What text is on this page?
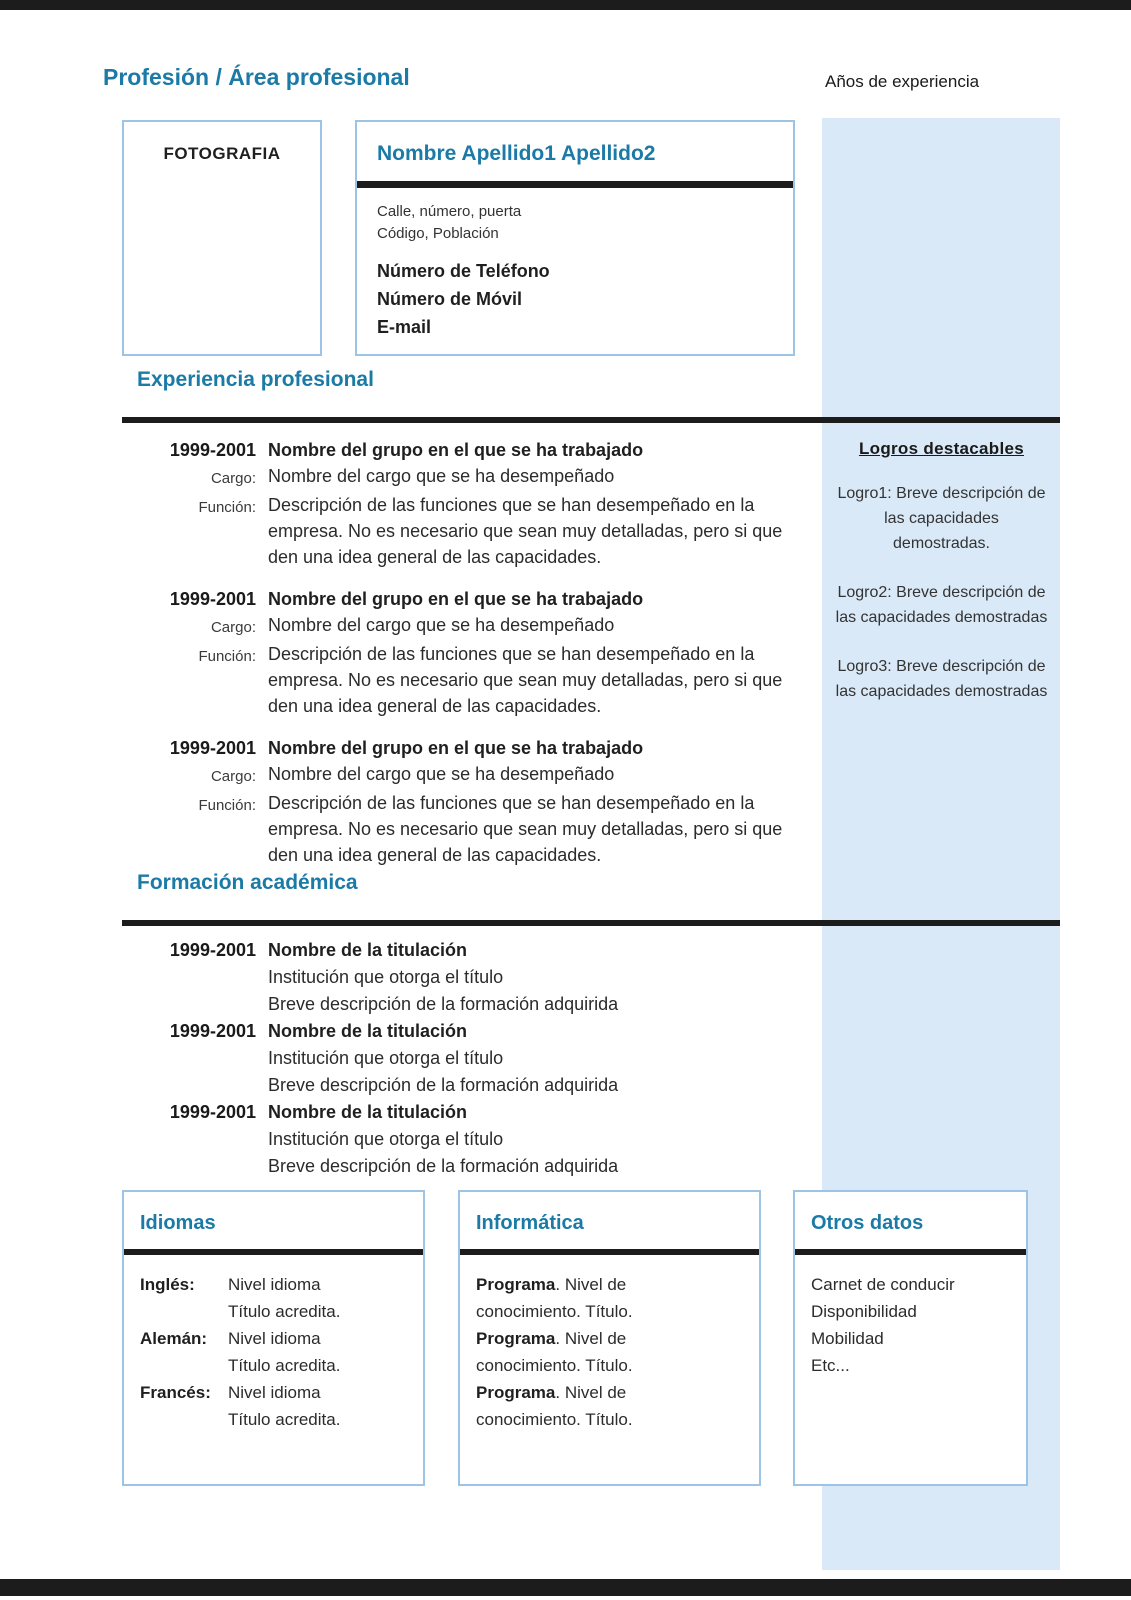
Profesión / Área profesional	Años de experiencia
FOTOGRAFIA	Nombre Apellido1 Apellido2
Calle, número, puerta
Código, Población
Número de Teléfono
Número de Móvil
E-mail
Experiencia profesional
1999-2001 Nombre del grupo en el que se ha trabajado
Cargo: Nombre del cargo que se ha desempeñado
Función: Descripción de las funciones que se han desempeñado en la empresa. No es necesario que sean muy detalladas, pero si que den una idea general de las capacidades.
1999-2001 Nombre del grupo en el que se ha trabajado
Cargo: Nombre del cargo que se ha desempeñado
Función: Descripción de las funciones que se han desempeñado en la empresa. No es necesario que sean muy detalladas, pero si que den una idea general de las capacidades.
1999-2001 Nombre del grupo en el que se ha trabajado
Cargo: Nombre del cargo que se ha desempeñado
Función: Descripción de las funciones que se han desempeñado en la empresa. No es necesario que sean muy detalladas, pero si que den una idea general de las capacidades.
Logros destacables
Logro1: Breve descripción de las capacidades demostradas.
Logro2: Breve descripción de las capacidades demostradas
Logro3: Breve descripción de las capacidades demostradas
Formación académica
1999-2001 Nombre de la titulación
Institución que otorga el título
Breve descripción de la formación adquirida
1999-2001 Nombre de la titulación
Institución que otorga el título
Breve descripción de la formación adquirida
1999-2001 Nombre de la titulación
Institución que otorga el título
Breve descripción de la formación adquirida
Idiomas
Inglés:	Nivel idioma
Título acredita.
Alemán:	Nivel idioma
Título acredita.
Francés:	Nivel idioma
Título acredita.
Informática
Programa. Nivel de conocimiento. Título.
Programa. Nivel de conocimiento. Título.
Programa. Nivel de conocimiento. Título.
Otros datos
Carnet de conducir
Disponibilidad
Mobilidad
Etc...
